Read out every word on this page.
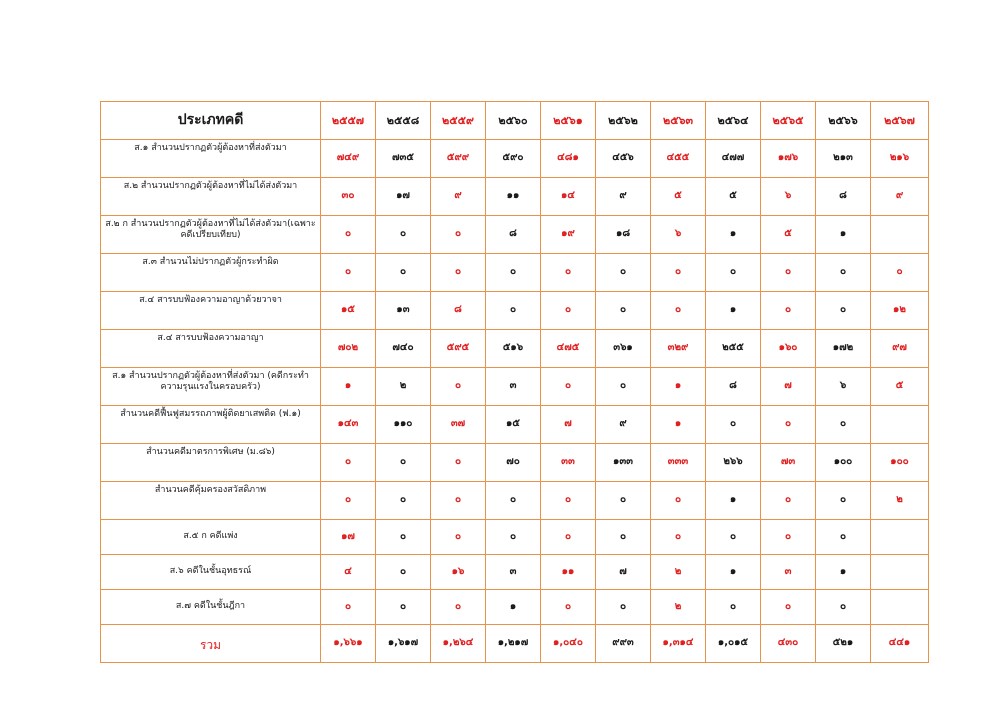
ประเภทคดี	๒๕๕๗	๒๕๕๘	๒๕๕๙	๒๕๖๐	๒๕๖๑	๒๕๖๒	๒๕๖๓	๒๕๖๔	๒๕๖๕	๒๕๖๖	๒๕๖๗
ส.๑ สำนวนปรากฏตัวผู้ต้องหาที่ส่งตัวมา	๗๔๙	๗๓๕	๕๙๙	๕๙๐	๔๘๑	๔๕๖	๔๕๕	๔๗๗	๑๗๖	๒๑๓	๒๑๖
ส.๒ สำนวนปรากฏตัวผู้ต้องหาที่ไม่ได้ส่งตัวมา	๓๐	๑๗	๙	๑๑	๑๔	๙	๕	๕	๖	๘	๙
ส.๒ ก สำนวนปรากฏตัวผู้ต้องหาที่ไม่ได้ส่งตัวมา(เฉพาะคดีเปรียบเทียบ)	๐	๐	๐	๘	๑๙	๑๘	๖	๑	๕	๑	
ส.๓ สำนวนไม่ปรากฏตัวผู้กระทำผิด	๐	๐	๐	๐	๐	๐	๐	๐	๐	๐	๐
ส.๔ สารบบฟ้องความอาญาด้วยวาจา	๑๕	๑๓	๘	๐	๐	๐	๐	๑	๐	๐	๑๒
ส.๔ สารบบฟ้องความอาญา	๗๐๒	๗๔๐	๕๙๕	๕๑๖	๔๗๕	๓๖๑	๓๒๙	๒๕๕	๑๖๐	๑๗๒	๙๗
ส.๑ สำนวนปรากฏตัวผู้ต้องหาที่ส่งตัวมา (คดีกระทำความรุนแรงในครอบครัว)	๑	๒	๐	๓	๐	๐	๑	๘	๗	๖	๕
สำนวนคดีฟื้นฟูสมรรถภาพผู้ติดยาเสพติด (ฟ.๑)	๑๔๓	๑๑๐	๓๗	๑๕	๗	๙	๑	๐	๐	๐	
สำนวนคดีมาตรการพิเศษ (ม.๘๖)	๐	๐	๐	๗๐	๓๓	๑๓๓	๓๓๓	๒๖๖	๗๓	๑๐๐	๑๐๐
สำนวนคดีคุ้มครองสวัสดิภาพ	๐	๐	๐	๐	๐	๐	๐	๑	๐	๐	๒
ส.๕ ก คดีแพ่ง	๑๗	๐	๐	๐	๐	๐	๐	๐	๐	๐	
ส.๖ คดีในชั้นอุทธรณ์	๔	๐	๑๖	๓	๑๑	๗	๒	๑	๓	๑	
ส.๗ คดีในชั้นฎีกา	๐	๐	๐	๑	๐	๐	๒	๐	๐	๐	
รวม	๑,๖๖๑	๑,๖๑๗	๑,๒๖๔	๑,๒๑๗	๑,๐๔๐	๙๙๓	๑,๓๑๔	๑,๐๑๕	๔๓๐	๕๒๑	๔๔๑
